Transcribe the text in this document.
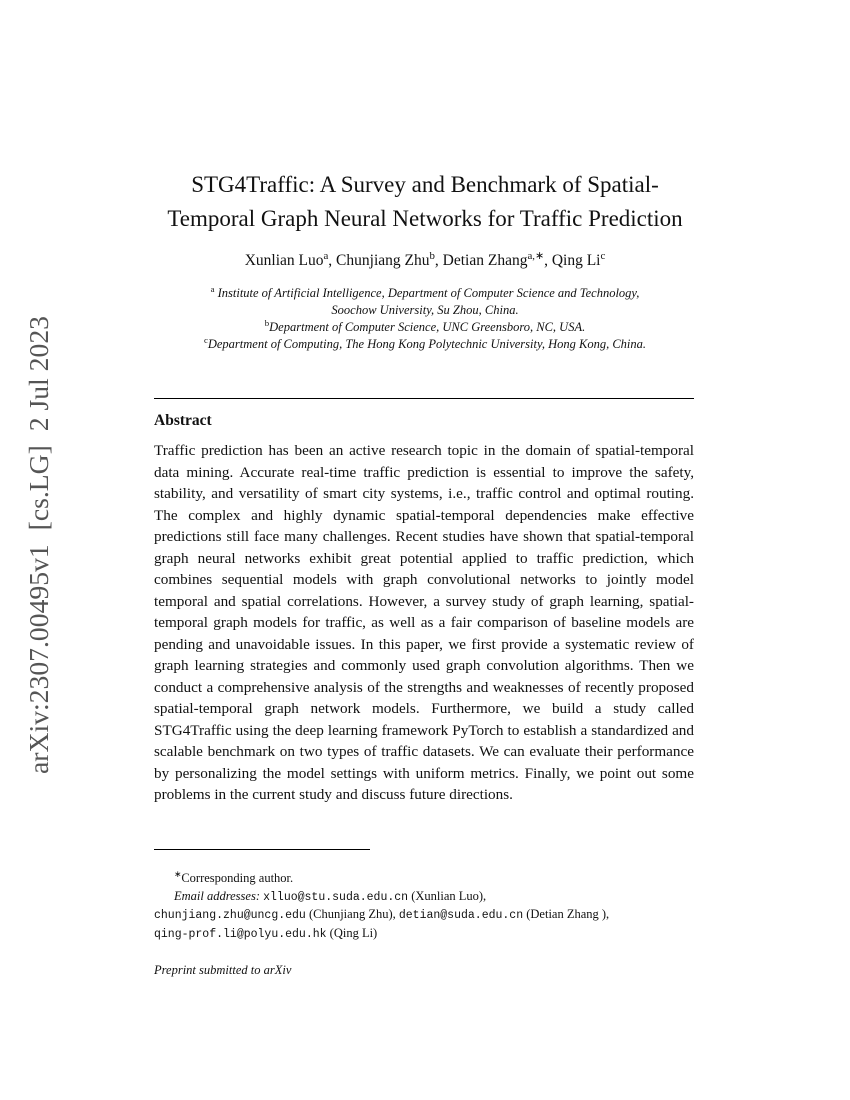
arXiv:2307.00495v1  [cs.LG]  2 Jul 2023
STG4Traffic: A Survey and Benchmark of Spatial-
Temporal Graph Neural Networks for Traffic Prediction
Xunlian Luo$^a$, Chunjiang Zhu$^b$, Detian Zhang$^{a,∗}$, Qing Li$^c$
$^a$ Institute of Artificial Intelligence, Department of Computer Science and Technology,
Soochow University, Su Zhou, China.
$^b$Department of Computer Science, UNC Greensboro, NC, USA.
$^c$Department of Computing, The Hong Kong Polytechnic University, Hong Kong, China.
Abstract

Traffic prediction has been an active research topic in the domain of spatial-temporal data mining. Accurate real-time traffic prediction is essential to improve the safety, stability, and versatility of smart city systems, i.e., traffic control and optimal routing. The complex and highly dynamic spatial-temporal dependencies make effective predictions still face many challenges. Recent studies have shown that spatial-temporal graph neural networks exhibit great potential applied to traffic prediction, which combines sequential models with graph convolutional networks to jointly model temporal and spatial correlations. However, a survey study of graph learning, spatial-temporal graph models for traffic, as well as a fair comparison of baseline models are pending and unavoidable issues. In this paper, we first provide a systematic review of graph learning strategies and commonly used graph convolution algorithms. Then we conduct a comprehensive analysis of the strengths and weaknesses of recently proposed spatial-temporal graph network models. Furthermore, we build a study called STG4Traffic using the deep learning framework PyTorch to establish a standardized and scalable benchmark on two types of traffic datasets. We can evaluate their performance by personalizing the model settings with uniform metrics. Finally, we point out some problems in the current study and discuss future directions.

∗Corresponding author.
Email addresses: xlluo@stu.suda.edu.cn (Xunlian Luo),
chunjiang.zhu@uncg.edu (Chunjiang Zhu), detian@suda.edu.cn (Detian Zhang ),
qing-prof.li@polyu.edu.hk (Qing Li)
Preprint submitted to arXiv
